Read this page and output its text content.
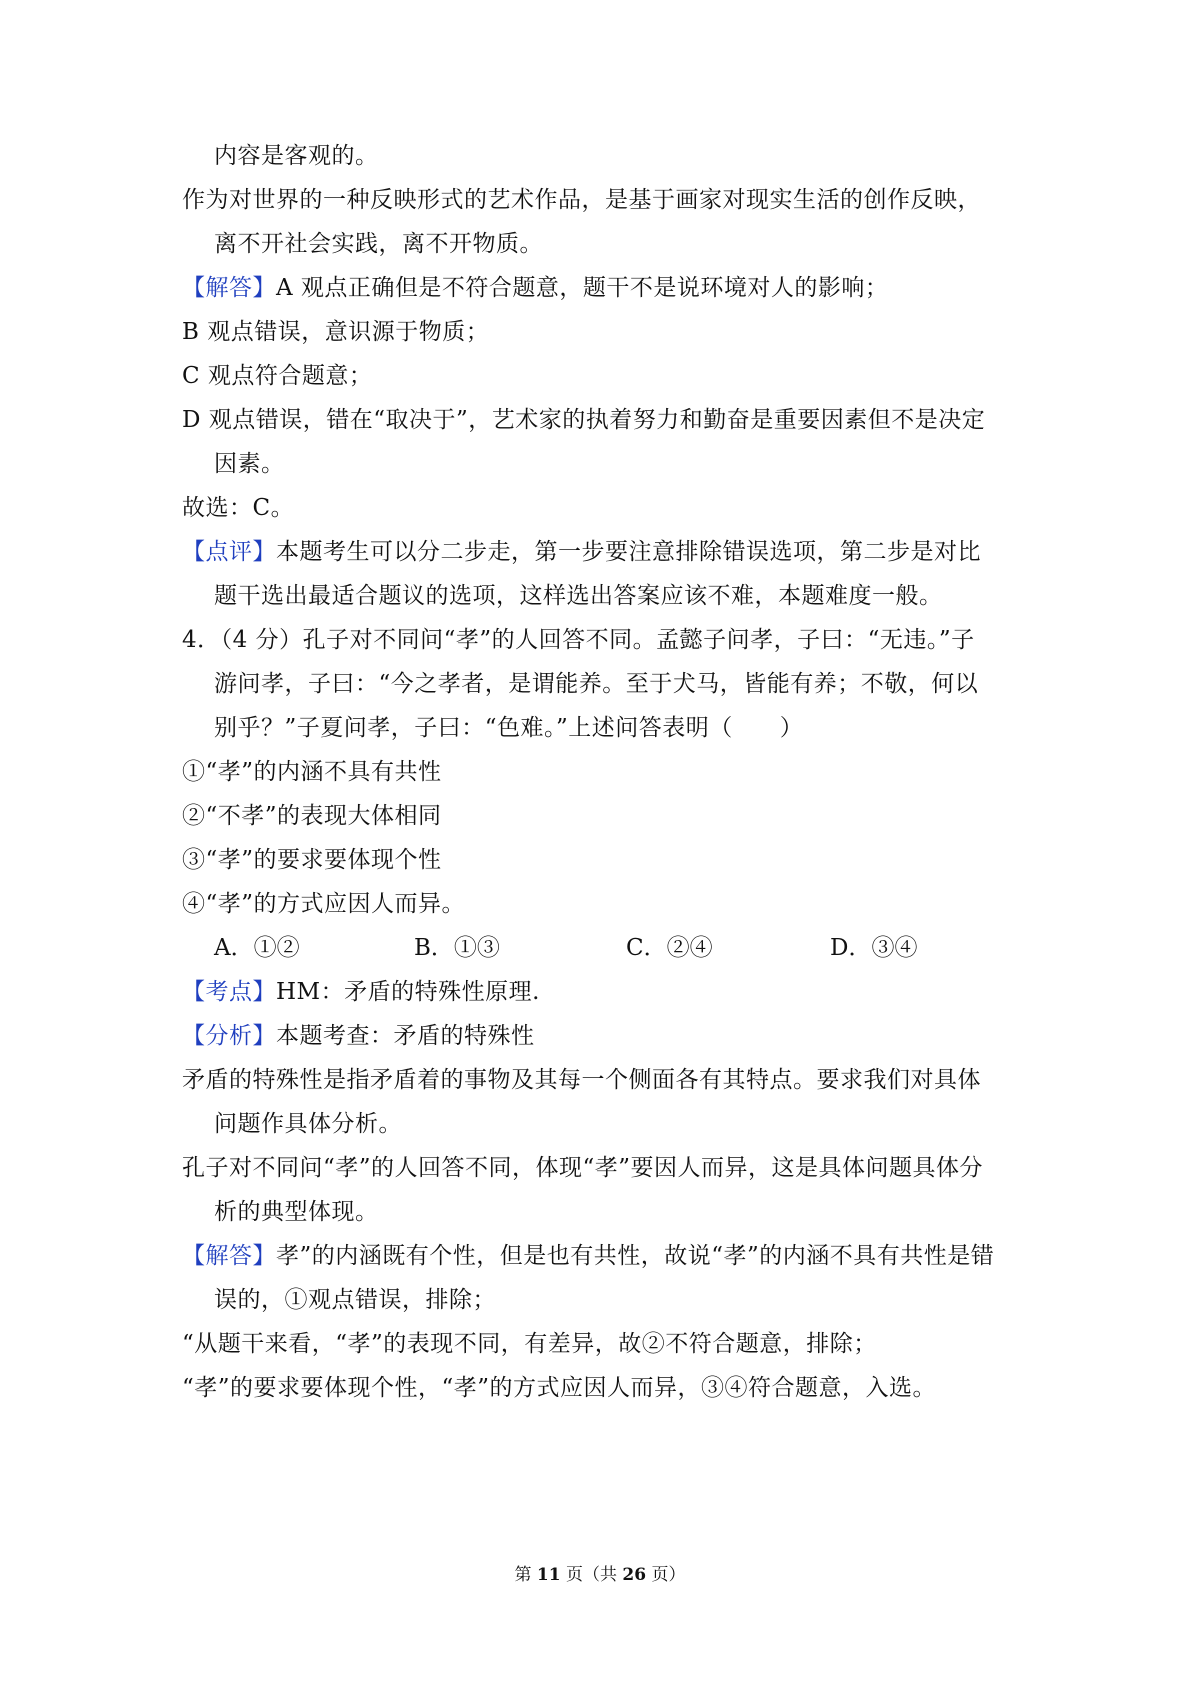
内容是客观的。
作为对世界的一种反映形式的艺术作品，是基于画家对现实生活的创作反映，
离不开社会实践，离不开物质。
【解答】A 观点正确但是不符合题意，题干不是说环境对人的影响；
B 观点错误，意识源于物质；
C 观点符合题意；
D 观点错误，错在“取决于”，艺术家的执着努力和勤奋是重要因素但不是决定
因素。
故选：C。
【点评】本题考生可以分二步走，第一步要注意排除错误选项，第二步是对比
题干选出最适合题议的选项，这样选出答案应该不难，本题难度一般。
4．（4 分）孔子对不同问“孝”的人回答不同。孟懿子问孝，子曰：“无违。”子
游问孝，子曰：“今之孝者，是谓能养。至于犬马，皆能有养；不敬，何以
别乎？”子夏问孝，子曰：“色难。”上述问答表明（　　）
①“孝”的内涵不具有共性
②“不孝”的表现大体相同
③“孝”的要求要体现个性
④“孝”的方式应因人而异。
A．①②	B．①③	C．②④	D．③④
【考点】HM：矛盾的特殊性原理.
【分析】本题考查：矛盾的特殊性
矛盾的特殊性是指矛盾着的事物及其每一个侧面各有其特点。要求我们对具体
问题作具体分析。
孔子对不同问“孝”的人回答不同，体现“孝”要因人而异，这是具体问题具体分
析的典型体现。
【解答】孝”的内涵既有个性，但是也有共性，故说“孝”的内涵不具有共性是错
误的，①观点错误，排除；
“从题干来看，“孝”的表现不同，有差异，故②不符合题意，排除；
“孝”的要求要体现个性，“孝”的方式应因人而异，③④符合题意，入选。
第 11 页（共 26 页）
